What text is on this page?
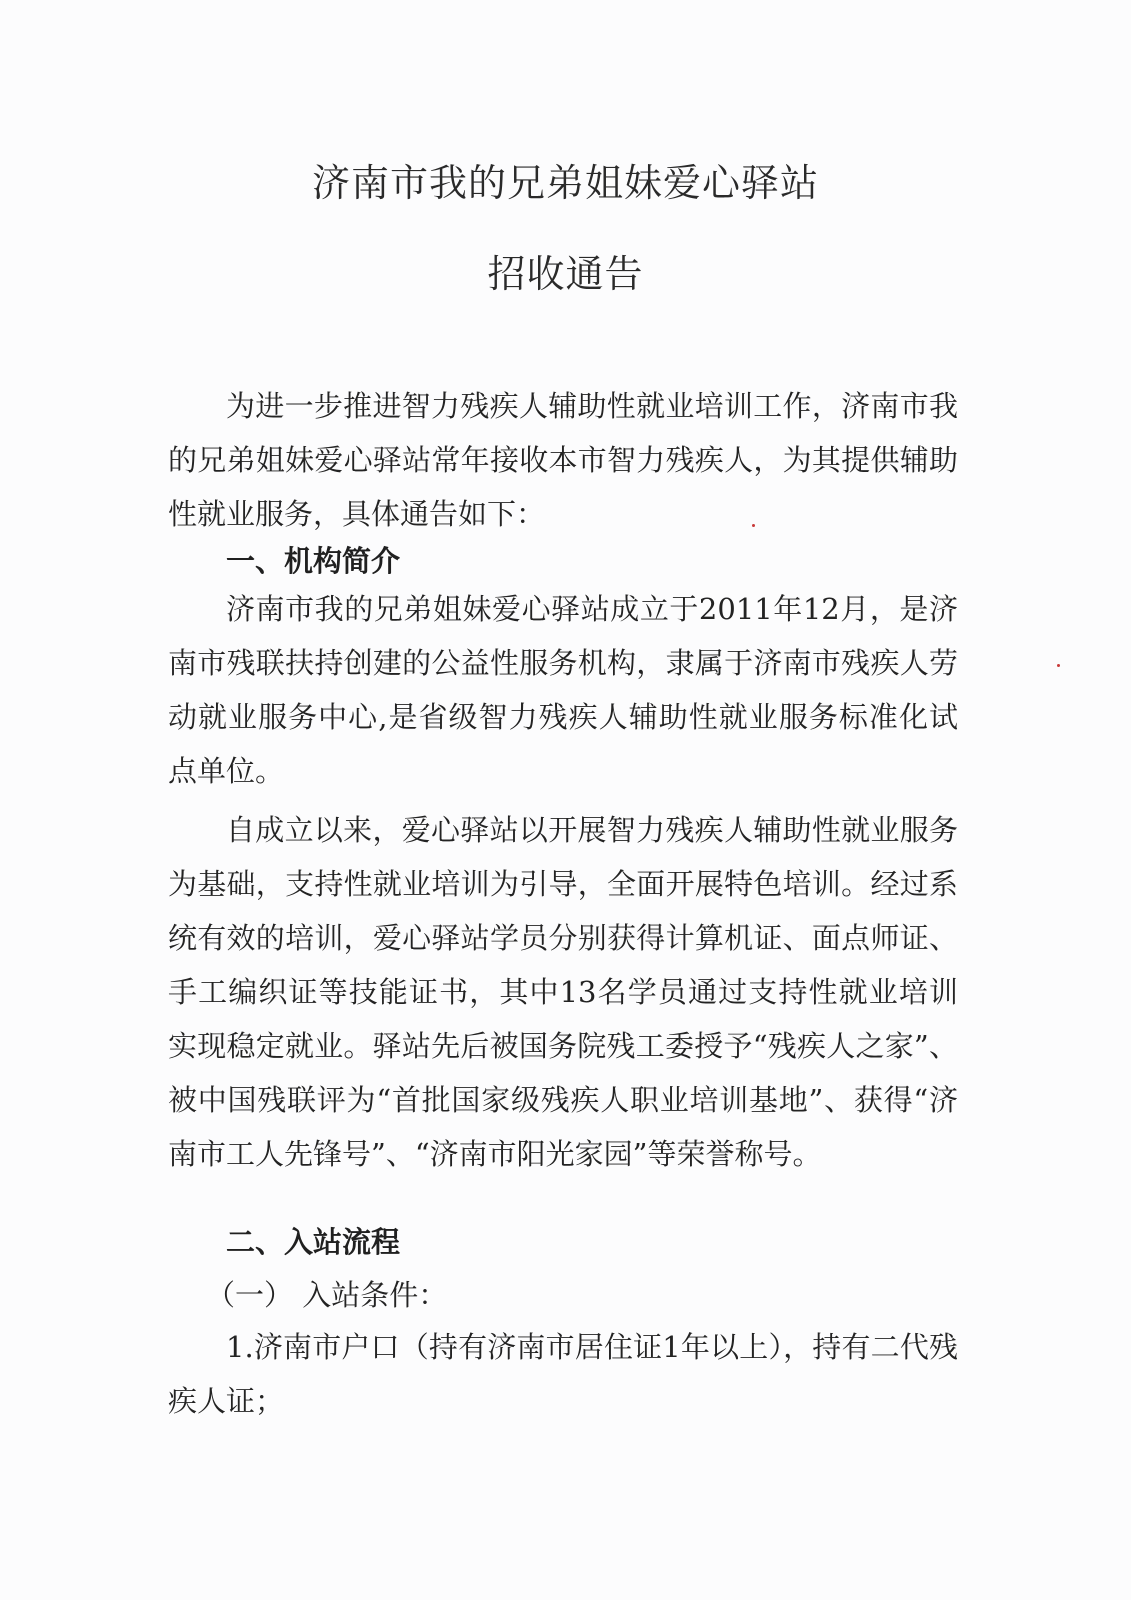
济南市我的兄弟姐妹爱心驿站
招收通告
为进一步推进智力残疾人辅助性就业培训工作，济南市我的兄弟姐妹爱心驿站常年接收本市智力残疾人，为其提供辅助性就业服务，具体通告如下：
一、机构简介
济南市我的兄弟姐妹爱心驿站成立于2011年12月，是济南市残联扶持创建的公益性服务机构，隶属于济南市残疾人劳动就业服务中心,是省级智力残疾人辅助性就业服务标准化试点单位。
自成立以来，爱心驿站以开展智力残疾人辅助性就业服务为基础，支持性就业培训为引导，全面开展特色培训。经过系统有效的培训，爱心驿站学员分别获得计算机证、面点师证、手工编织证等技能证书，其中13名学员通过支持性就业培训实现稳定就业。驿站先后被国务院残工委授予“残疾人之家”、被中国残联评为“首批国家级残疾人职业培训基地”、获得“济南市工人先锋号”、“济南市阳光家园”等荣誉称号。
二、入站流程
（一） 入站条件：
1.济南市户口（持有济南市居住证1年以上），持有二代残疾人证；
